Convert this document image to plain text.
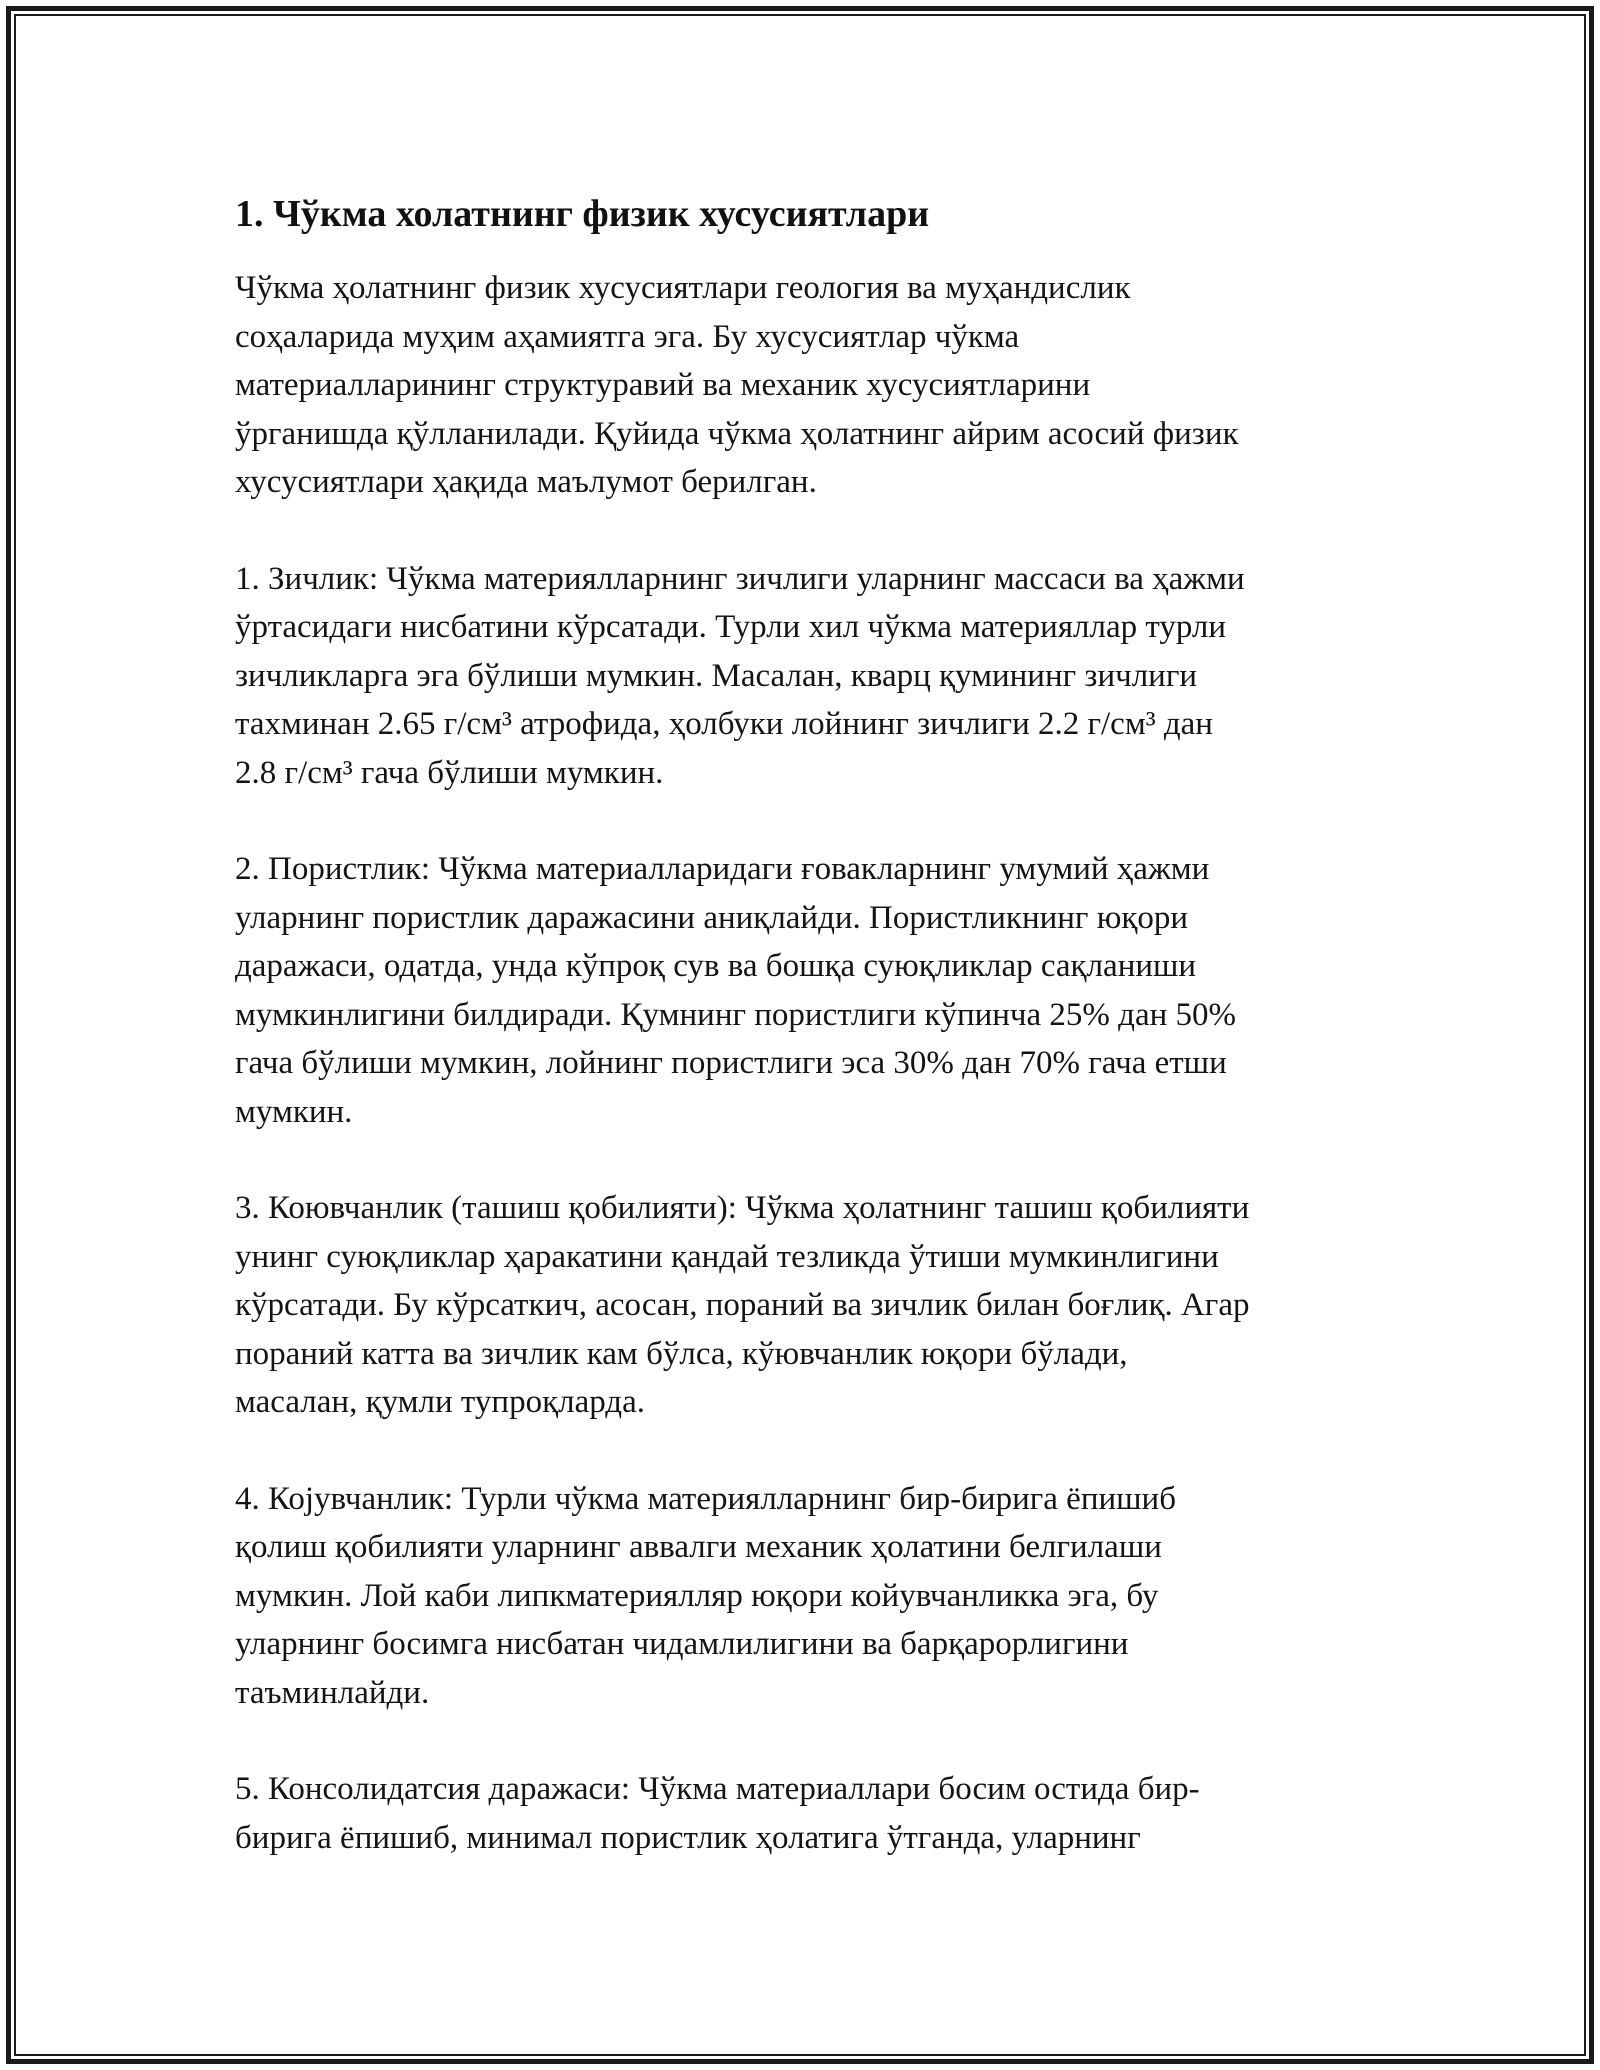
1. Чўкма холатнинг физик хусусиятлари

Чўкма ҳолатнинг физик хусусиятлари геология ва муҳандислик
соҳаларида муҳим аҳамиятга эга. Бу хусусиятлар чўкма
материалларининг структуравий ва механик хусусиятларини
ўрганишда қўлланилади. Қуйида чўкма ҳолатнинг айрим асосий физик
хусусиятлари ҳақида маълумот берилган.

1. Зичлик: Чўкма материялларнинг зичлиги уларнинг массаси ва ҳажми
ўртасидаги нисбатини кўрсатади. Турли хил чўкма материяллар турли
зичликларга эга бўлиши мумкин. Масалан, кварц қумининг зичлиги
тахминан 2.65 г/см³ атрофида, ҳолбуки лойнинг зичлиги 2.2 г/см³ дан
2.8 г/см³ гача бўлиши мумкин.

2. Пористлик: Чўкма материалларидаги ғовакларнинг умумий ҳажми
уларнинг пористлик даражасини аниқлайди. Пористликнинг юқори
даражаси, одатда, унда кўпроқ сув ва бошқа суюқликлар сақланиши
мумкинлигини билдиради. Қумнинг пористлиги кўпинча 25% дан 50%
гача бўлиши мумкин, лойнинг пористлиги эса 30% дан 70% гача етши
мумкин.

3. Коювчанлик (ташиш қобилияти): Чўкма ҳолатнинг ташиш қобилияти
унинг суюқликлар ҳаракатини қандай тезликда ўтиши мумкинлигини
кўрсатади. Бу кўрсаткич, асосан, пораний ва зичлик билан боғлиқ. Агар
пораний катта ва зичлик кам бўлса, кўювчанлик юқори бўлади,
масалан, қумли тупроқларда.

4. Којувчанлик: Турли чўкма материялларнинг бир-бирига ёпишиб
қолиш қобилияти уларнинг аввалги механик ҳолатини белгилаши
мумкин. Лой каби липкматериялляр юқори койувчанликка эга, бу
уларнинг босимга нисбатан чидамлилигини ва барқарорлигини
таъминлайди.

5. Консолидатсия даражаси: Чўкма материаллари босим остида бир-
бирига ёпишиб, минимал пористлик ҳолатига ўтганда, уларнинг
